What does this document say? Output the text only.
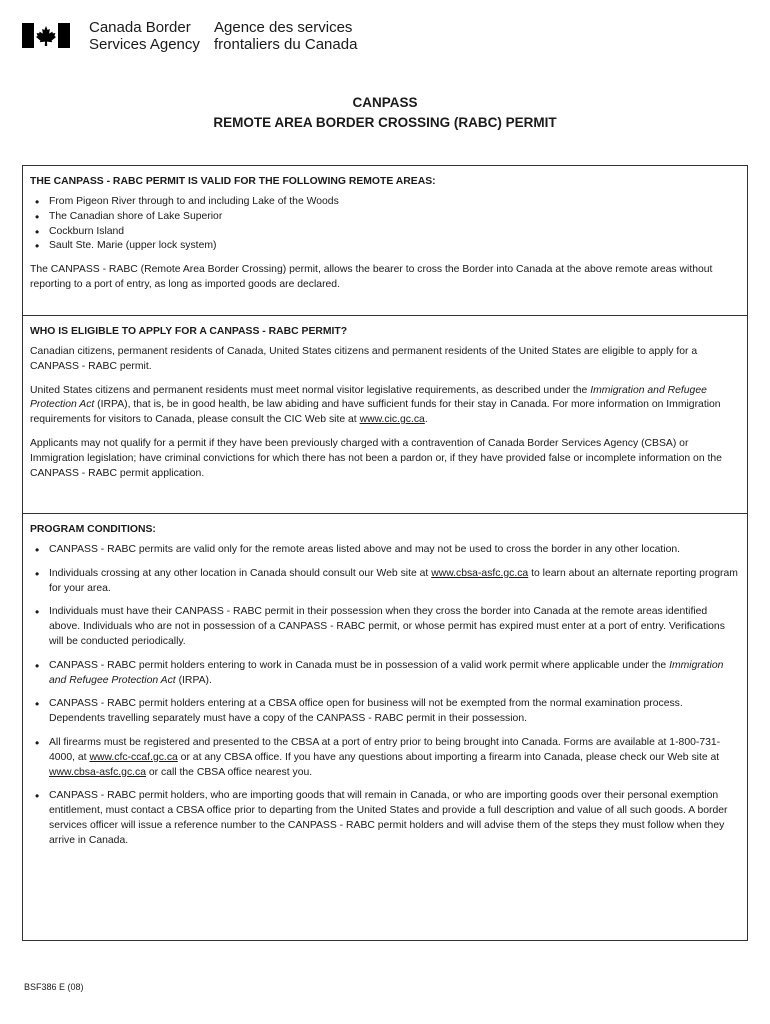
Canada Border
Services Agency
Agence des services
frontaliers du Canada
CANPASS
REMOTE AREA BORDER CROSSING (RABC) PERMIT
THE CANPASS - RABC PERMIT IS VALID FOR THE FOLLOWING REMOTE AREAS:
• From Pigeon River through to and including Lake of the Woods
• The Canadian shore of Lake Superior
• Cockburn Island
• Sault Ste. Marie (upper lock system)

The CANPASS - RABC (Remote Area Border Crossing) permit, allows the bearer to cross the Border into Canada at the above remote areas without reporting to a port of entry, as long as imported goods are declared.

WHO IS ELIGIBLE TO APPLY FOR A CANPASS - RABC PERMIT?

Canadian citizens, permanent residents of Canada, United States citizens and permanent residents of the United States are eligible to apply for a CANPASS - RABC permit.

United States citizens and permanent residents must meet normal visitor legislative requirements, as described under the Immigration and Refugee Protection Act (IRPA), that is, be in good health, be law abiding and have sufficient funds for their stay in Canada. For more information on Immigration requirements for visitors to Canada, please consult the CIC Web site at www.cic.gc.ca.

Applicants may not qualify for a permit if they have been previously charged with a contravention of Canada Border Services Agency (CBSA) or Immigration legislation; have criminal convictions for which there has not been a pardon or, if they have provided false or incomplete information on the CANPASS - RABC permit application.

PROGRAM CONDITIONS:
• CANPASS - RABC permits are valid only for the remote areas listed above and may not be used to cross the border in any other location.
• Individuals crossing at any other location in Canada should consult our Web site at www.cbsa-asfc.gc.ca to learn about an alternate reporting program for your area.
• Individuals must have their CANPASS - RABC permit in their possession when they cross the border into Canada at the remote areas identified above. Individuals who are not in possession of a CANPASS - RABC permit, or whose permit has expired must enter at a port of entry. Verifications will be conducted periodically.
• CANPASS - RABC permit holders entering to work in Canada must be in possession of a valid work permit where applicable under the Immigration and Refugee Protection Act (IRPA).
• CANPASS - RABC permit holders entering at a CBSA office open for business will not be exempted from the normal examination process. Dependents travelling separately must have a copy of the CANPASS - RABC permit in their possession.
• All firearms must be registered and presented to the CBSA at a port of entry prior to being brought into Canada. Forms are available at 1-800-731-4000, at www.cfc-ccaf.gc.ca or at any CBSA office. If you have any questions about importing a firearm into Canada, please check our Web site at www.cbsa-asfc.gc.ca or call the CBSA office nearest you.
• CANPASS - RABC permit holders, who are importing goods that will remain in Canada, or who are importing goods over their personal exemption entitlement, must contact a CBSA office prior to departing from the United States and provide a full description and value of all such goods. A border services officer will issue a reference number to the CANPASS - RABC permit holders and will advise them of the steps they must follow when they arrive in Canada.
BSF386 E (08)
